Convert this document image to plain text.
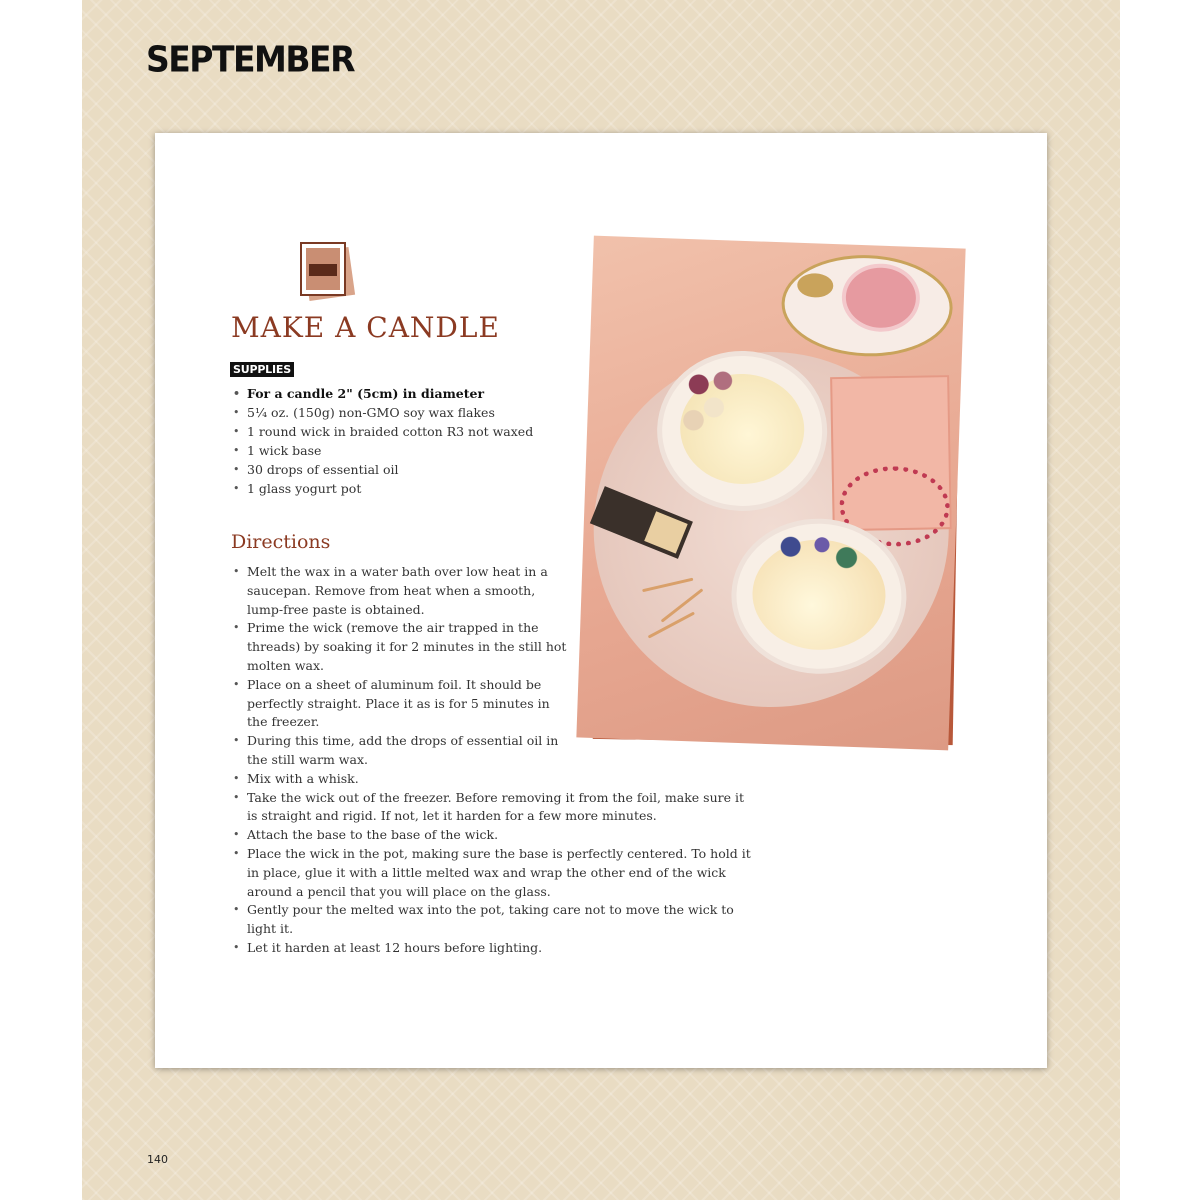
SEPTEMBER
MAKE A CANDLE
SUPPLIES
• For a candle 2" (5cm) in diameter
• 5¼ oz. (150g) non-GMO soy wax flakes
• 1 round wick in braided cotton R3 not waxed
• 1 wick base
• 30 drops of essential oil
• 1 glass yogurt pot
Directions
• Melt the wax in a water bath over low heat in a saucepan. Remove from heat when a smooth, lump-free paste is obtained.
• Prime the wick (remove the air trapped in the threads) by soaking it for 2 minutes in the still hot molten wax.
• Place on a sheet of aluminum foil. It should be perfectly straight. Place it as is for 5 minutes in the freezer.
• During this time, add the drops of essential oil in the still warm wax.
• Mix with a whisk.
• Take the wick out of the freezer. Before removing it from the foil, make sure it is straight and rigid. If not, let it harden for a few more minutes.
• Attach the base to the base of the wick.
• Place the wick in the pot, making sure the base is perfectly centered. To hold it in place, glue it with a little melted wax and wrap the other end of the wick around a pencil that you will place on the glass.
• Gently pour the melted wax into the pot, taking care not to move the wick to light it.
• Let it harden at least 12 hours before lighting.
140
